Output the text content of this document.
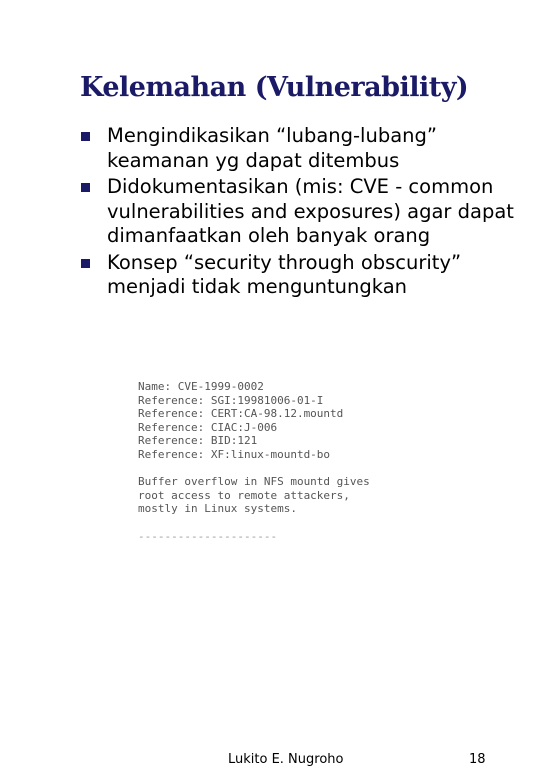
Kelemahan (Vulnerability)
Mengindikasikan “lubang-lubang” keamanan yg dapat ditembus
Didokumentasikan (mis: CVE - common vulnerabilities and exposures) agar dapat dimanfaatkan oleh banyak orang
Konsep “security through obscurity” menjadi tidak menguntungkan
Name: CVE-1999-0002
Reference: SGI:19981006-01-I
Reference: CERT:CA-98.12.mountd
Reference: CIAC:J-006
Reference: BID:121
Reference: XF:linux-mountd-bo
Buffer overflow in NFS mountd gives
root access to remote attackers,
mostly in Linux systems.
---------------------
Lukito E. Nugroho	18
